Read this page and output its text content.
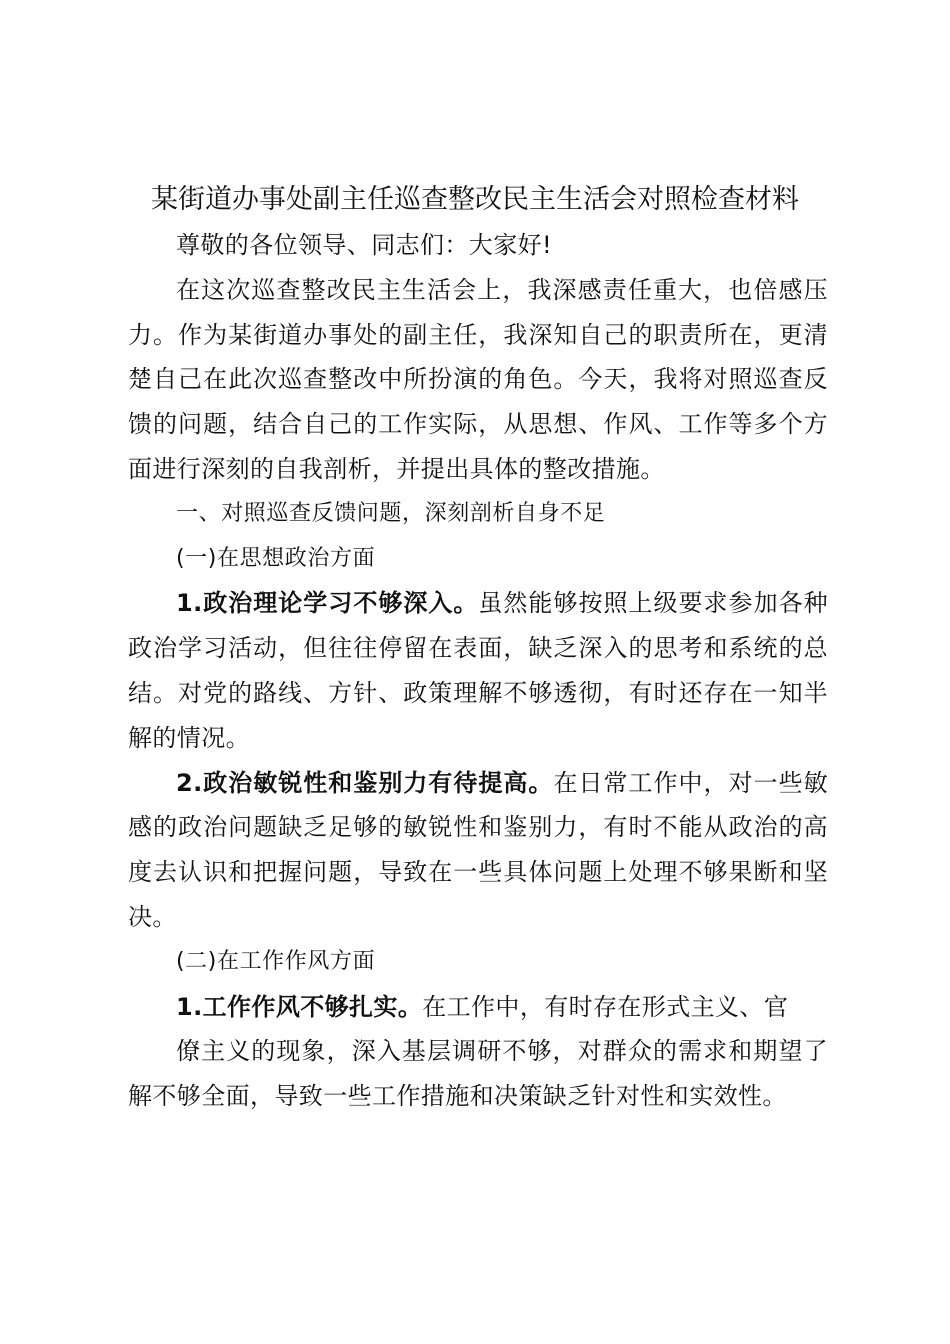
某街道办事处副主任巡查整改民主生活会对照检查材料

尊敬的各位领导、同志们：大家好!

在这次巡查整改民主生活会上，我深感责任重大，也倍感压力。作为某街道办事处的副主任，我深知自己的职责所在，更清楚自己在此次巡查整改中所扮演的角色。今天，我将对照巡查反馈的问题，结合自己的工作实际，从思想、作风、工作等多个方面进行深刻的自我剖析，并提出具体的整改措施。

一、对照巡查反馈问题，深刻剖析自身不足

(一)在思想政治方面

1.政治理论学习不够深入。虽然能够按照上级要求参加各种政治学习活动，但往往停留在表面，缺乏深入的思考和系统的总结。对党的路线、方针、政策理解不够透彻，有时还存在一知半解的情况。

2.政治敏锐性和鉴别力有待提高。在日常工作中，对一些敏感的政治问题缺乏足够的敏锐性和鉴别力，有时不能从政治的高度去认识和把握问题，导致在一些具体问题上处理不够果断和坚决。

(二)在工作作风方面

1.工作作风不够扎实。在工作中，有时存在形式主义、官

僚主义的现象，深入基层调研不够，对群众的需求和期望了解不够全面，导致一些工作措施和决策缺乏针对性和实效性。
